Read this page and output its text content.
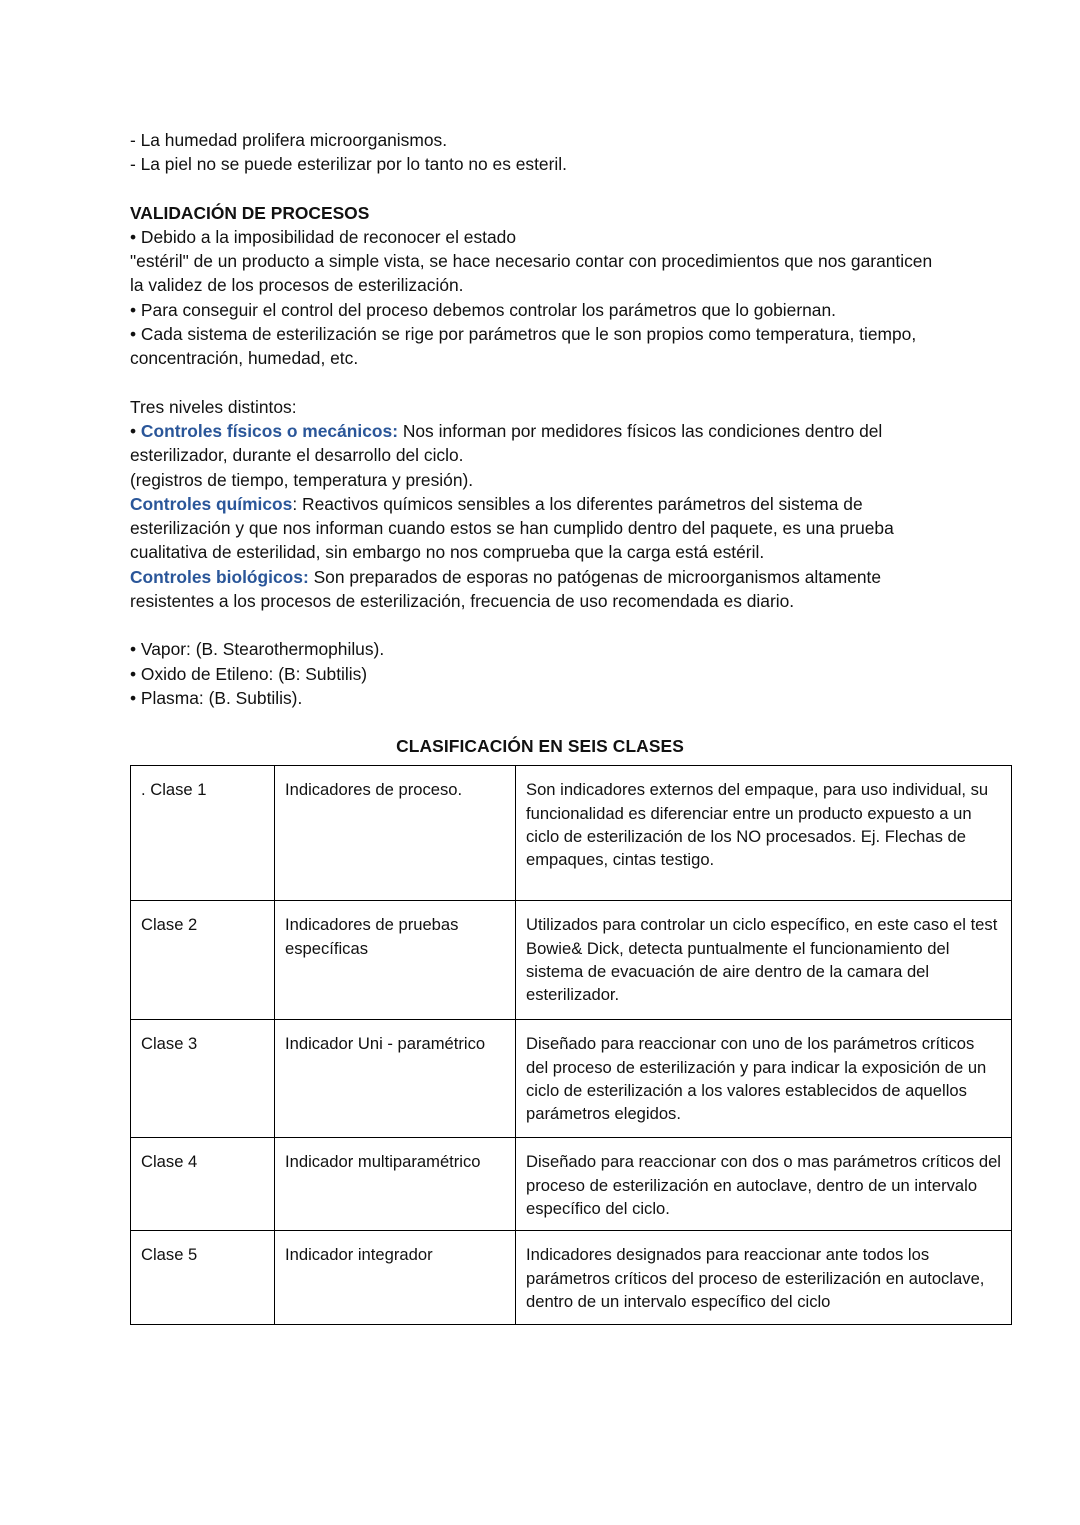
- La humedad prolifera microorganismos.
- La piel no se puede esterilizar por lo tanto no es esteril.
VALIDACIÓN DE PROCESOS
• Debido a la imposibilidad de reconocer el estado
"estéril" de un producto a simple vista, se hace necesario contar con procedimientos que nos garanticen la validez de los procesos de esterilización.
• Para conseguir el control del proceso debemos controlar los parámetros que lo gobiernan.
• Cada sistema de esterilización se rige por parámetros que le son propios como temperatura, tiempo, concentración, humedad, etc.
Tres niveles distintos:
• Controles físicos o mecánicos: Nos informan por medidores físicos las condiciones dentro del esterilizador, durante el desarrollo del ciclo.
(registros de tiempo, temperatura y presión).
Controles químicos: Reactivos químicos sensibles a los diferentes parámetros del sistema de esterilización y que nos informan cuando estos se han cumplido dentro del paquete, es una prueba cualitativa de esterilidad, sin embargo no nos comprueba que la carga está estéril.
Controles biológicos: Son preparados de esporas no patógenas de microorganismos altamente resistentes a los procesos de esterilización, frecuencia de uso recomendada es diario.
• Vapor: (B. Stearothermophilus).
• Oxido de Etileno: (B: Subtilis)
• Plasma: (B. Subtilis).
CLASIFICACIÓN EN SEIS CLASES
. Clase 1	Indicadores de proceso.	Son indicadores externos del empaque, para uso individual, su funcionalidad es diferenciar entre un producto expuesto a un ciclo de esterilización de los NO procesados. Ej. Flechas de empaques, cintas testigo.

Clase 2	Indicadores de pruebas específicas	Utilizados para controlar un ciclo específico, en este caso el test Bowie& Dick, detecta puntualmente el funcionamiento del sistema de evacuación de aire dentro de la camara del esterilizador.

Clase 3	Indicador Uni - paramétrico	Diseñado para reaccionar con uno de los parámetros críticos del proceso de esterilización y para indicar la exposición de un ciclo de esterilización a los valores establecidos de aquellos parámetros elegidos.

Clase 4	Indicador multiparamétrico	Diseñado para reaccionar con dos o mas parámetros críticos del proceso de esterilización en autoclave, dentro de un intervalo específico del ciclo.

Clase 5	Indicador integrador	Indicadores designados para reaccionar ante todos los parámetros críticos del proceso de esterilización en autoclave, dentro de un intervalo específico del ciclo
